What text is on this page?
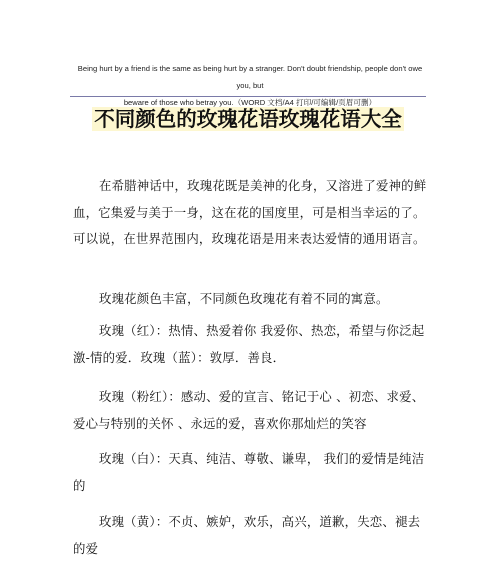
Being hurt by a friend is the same as being hurt by a stranger. Don't doubt friendship, people don't owe you, but
beware of those who betray you.（WORD 文档/A4 打印/可编辑/页眉可删）
不同颜色的玫瑰花语玫瑰花语大全
在希腊神话中，玫瑰花既是美神的化身，又溶进了爱神的鲜血，它集爱与美于一身，这在花的国度里，可是相当幸运的了。可以说，在世界范围内，玫瑰花语是用来表达爱情的通用语言。
玫瑰花颜色丰富，不同颜色玫瑰花有着不同的寓意。
玫瑰（红）：热情、热爱着你 我爱你、热恋，希望与你泛起激-情的爱．玫瑰（蓝）：敦厚．善良．
玫瑰（粉红）：感动、爱的宣言、铭记于心 、初恋、求爱、爱心与特别的关怀 、永远的爱，喜欢你那灿烂的笑容
玫瑰（白）：天真、纯洁、尊敬、谦卑， 我们的爱情是纯洁的
玫瑰（黄）：不贞、嫉妒，欢乐，高兴，道歉，失恋、褪去的爱
